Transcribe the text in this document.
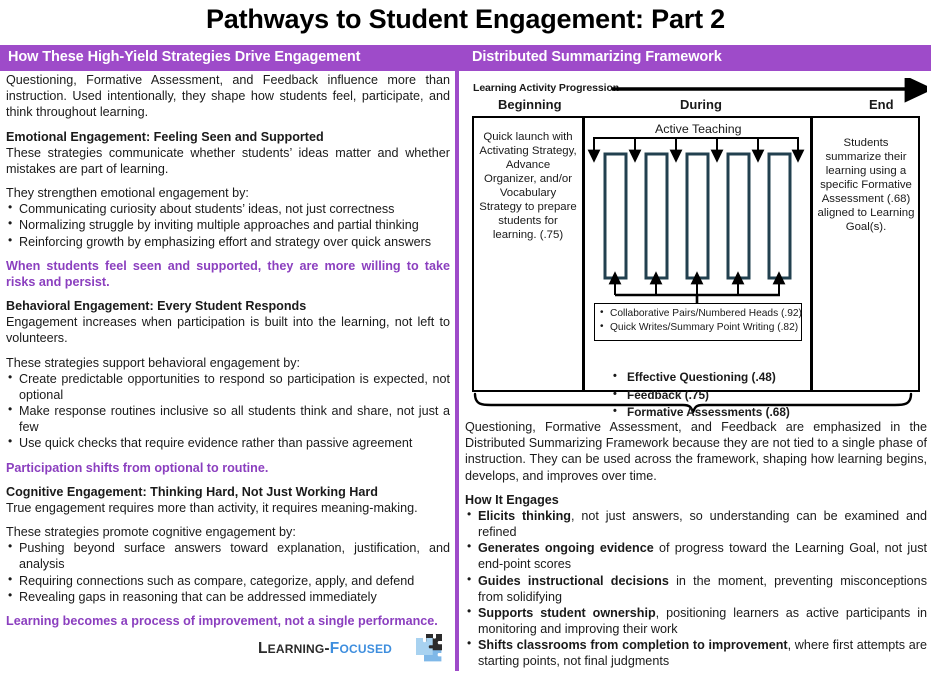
Pathways to Student Engagement: Part 2
How These High-Yield Strategies Drive Engagement	Distributed Summarizing Framework

Questioning, Formative Assessment, and Feedback influence more than instruction. Used intentionally, they shape how students feel, participate, and think throughout learning.

Emotional Engagement: Feeling Seen and Supported

These strategies communicate whether students’ ideas matter and whether mistakes are part of learning.

They strengthen emotional engagement by:

• Communicating curiosity about students’ ideas, not just correctness
• Normalizing struggle by inviting multiple approaches and partial thinking
• Reinforcing growth by emphasizing effort and strategy over quick answers

When students feel seen and supported, they are more willing to take risks and persist.

Behavioral Engagement: Every Student Responds

Engagement increases when participation is built into the learning, not left to volunteers.

These strategies support behavioral engagement by:

• Create predictable opportunities to respond so participation is expected, not optional
• Make response routines inclusive so all students think and share, not just a few
• Use quick checks that require evidence rather than passive agreement

Participation shifts from optional to routine.

Cognitive Engagement: Thinking Hard, Not Just Working Hard

True engagement requires more than activity, it requires meaning-making.

These strategies promote cognitive engagement by:

• Pushing beyond surface answers toward explanation, justification, and analysis
• Requiring connections such as compare, categorize, apply, and defend
• Revealing gaps in reasoning that can be addressed immediately

Learning becomes a process of improvement, not a single performance.

LEARNING-FOCUSED
Learning Activity Progression
Beginning	During	End
Quick launch with Activating Strategy, Advance Organizer, and/or Vocabulary Strategy to prepare students for learning. (.75)
Active Teaching
Students summarize their learning using a specific Formative Assessment (.68) aligned to Learning Goal(s).
• Collaborative Pairs/Numbered Heads (.92)
• Quick Writes/Summary Point Writing (.82)
• Effective Questioning (.48)
• Feedback (.75)
• Formative Assessments (.68)

Questioning, Formative Assessment, and Feedback are emphasized in the Distributed Summarizing Framework because they are not tied to a single phase of instruction. They can be used across the framework, shaping how learning begins, develops, and improves over time.

How It Engages

• Elicits thinking, not just answers, so understanding can be examined and refined
• Generates ongoing evidence of progress toward the Learning Goal, not just end-point scores
• Guides instructional decisions in the moment, preventing misconceptions from solidifying
• Supports student ownership, positioning learners as active participants in monitoring and improving their work
• Shifts classrooms from completion to improvement, where first attempts are starting points, not final judgments
